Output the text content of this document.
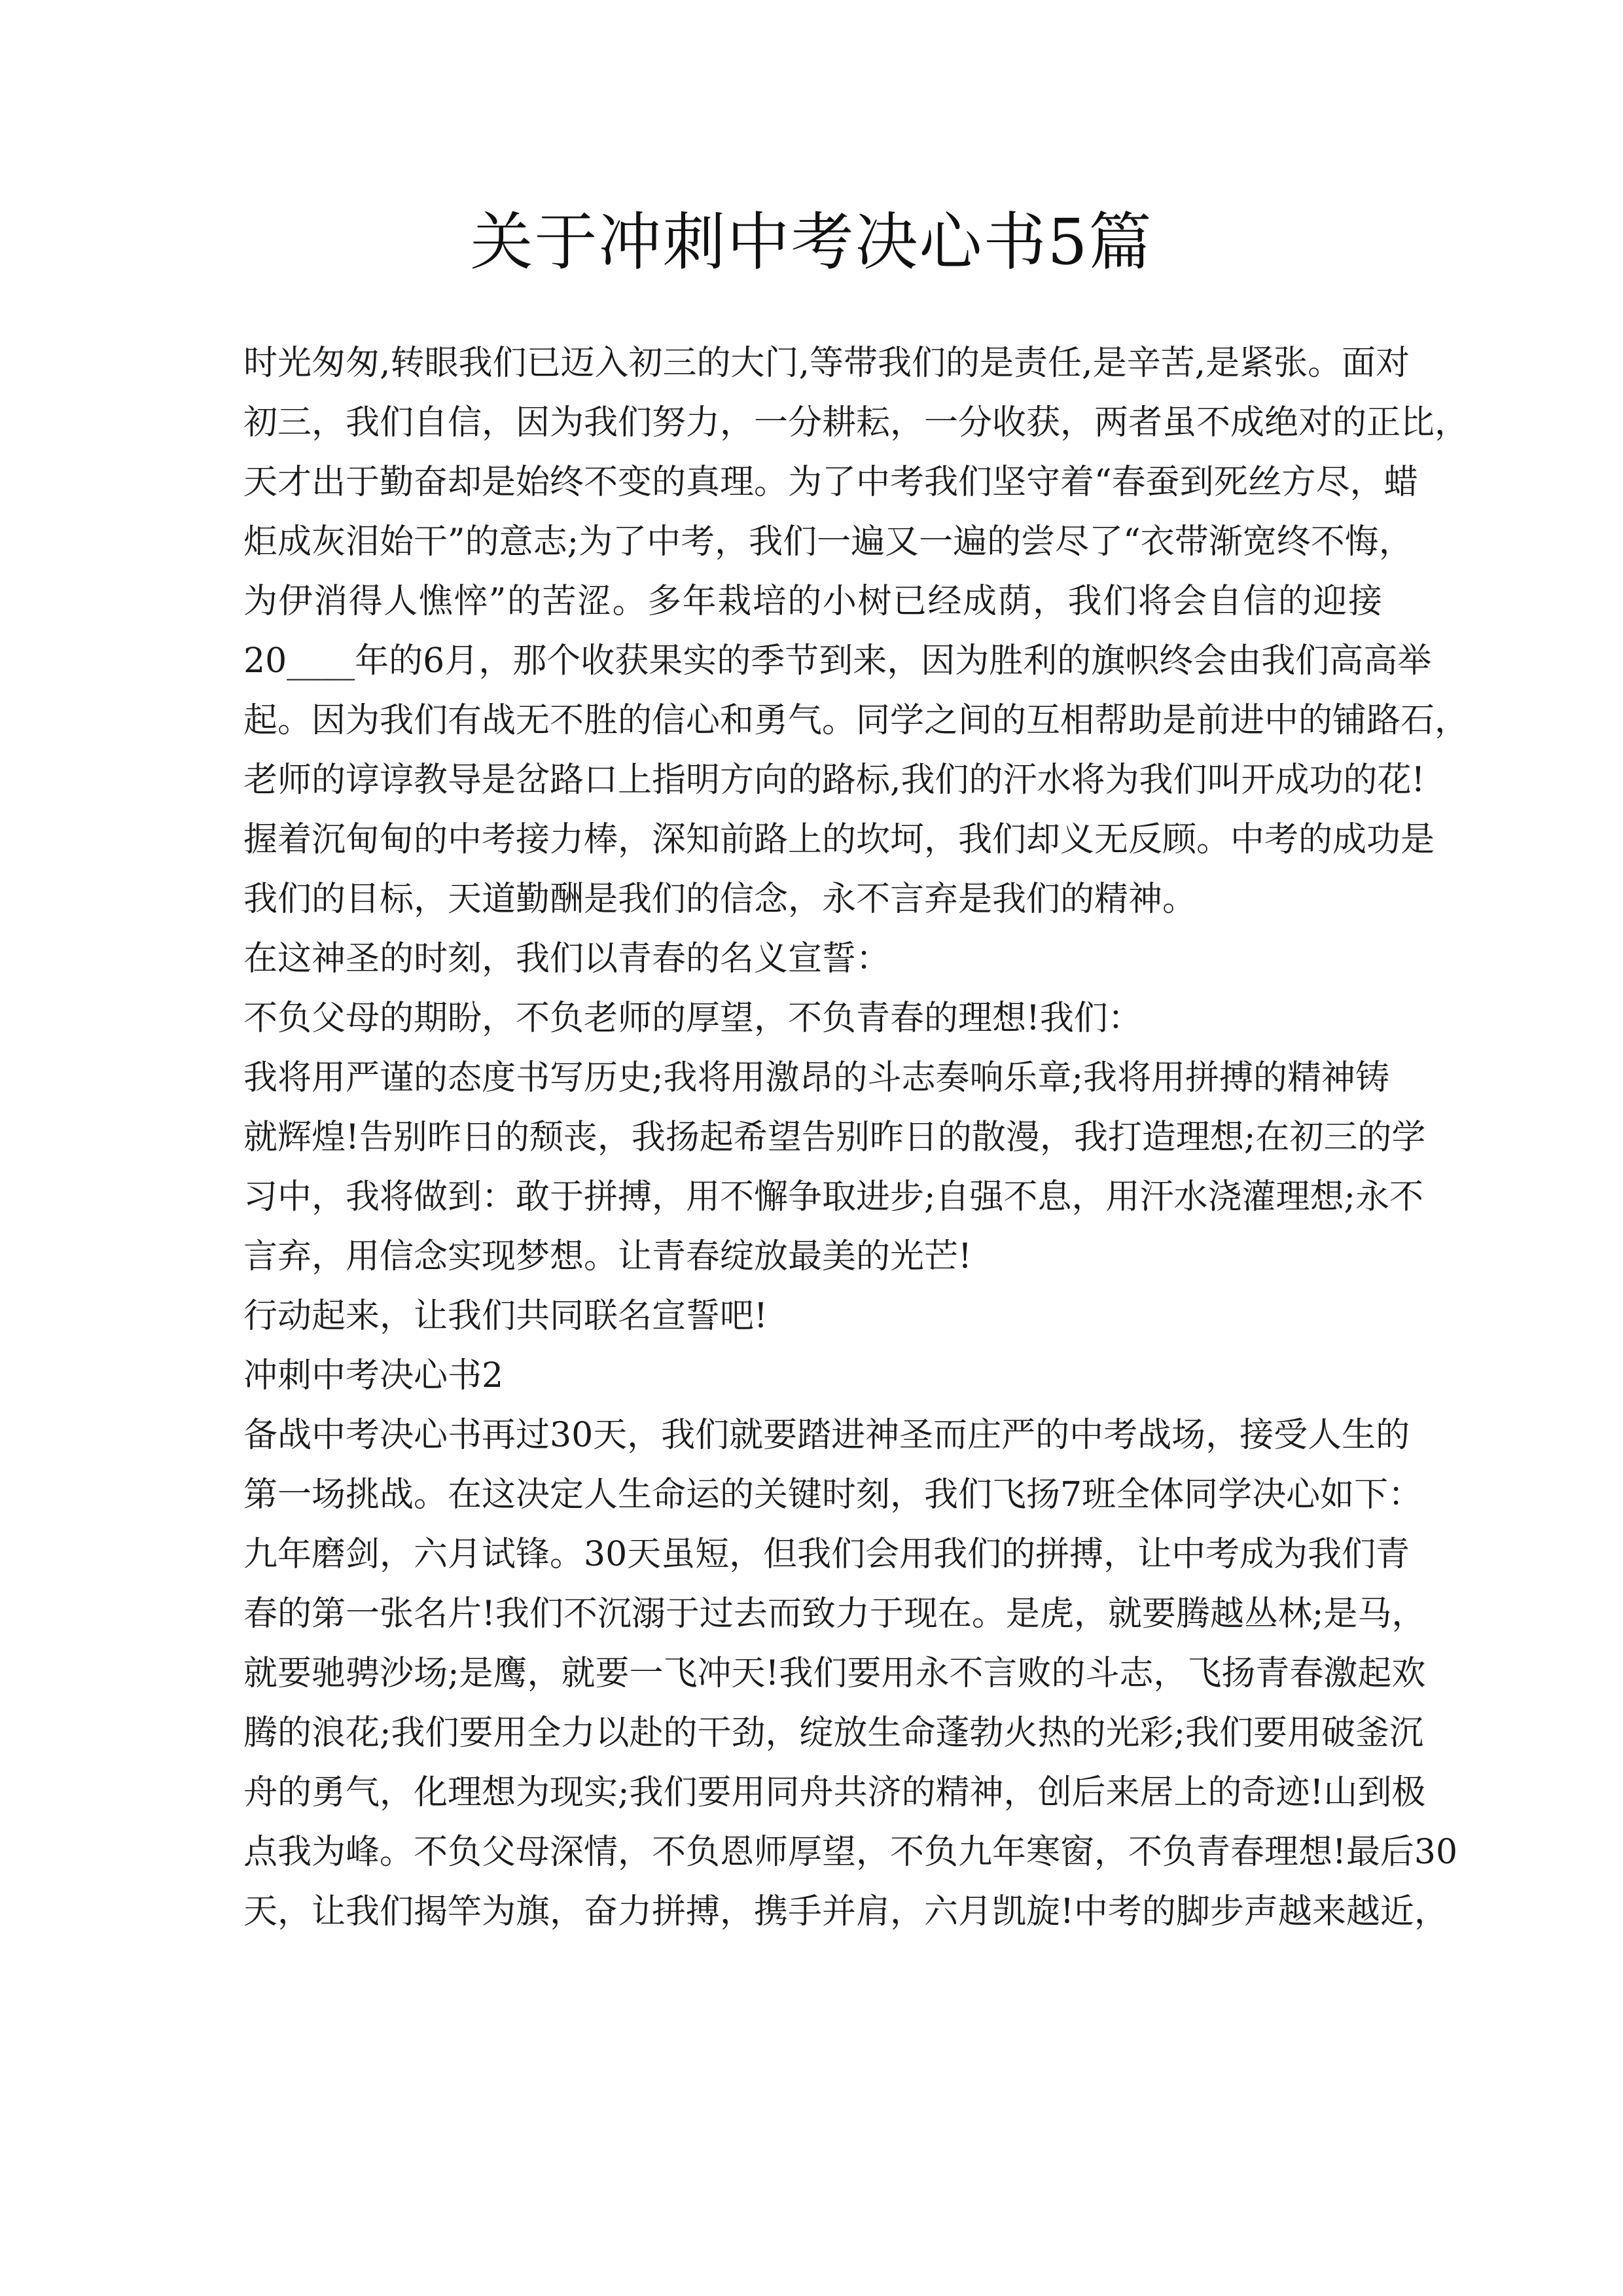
关于冲刺中考决心书5篇
时光匆匆,转眼我们已迈入初三的大门,等带我们的是责任,是辛苦,是紧张。面对
初三，我们自信，因为我们努力，一分耕耘，一分收获，两者虽不成绝对的正比，
天才出于勤奋却是始终不变的真理。为了中考我们坚守着“春蚕到死丝方尽，蜡
炬成灰泪始干”的意志;为了中考，我们一遍又一遍的尝尽了“衣带渐宽终不悔，
为伊消得人憔悴”的苦涩。多年栽培的小树已经成荫，我们将会自信的迎接
20____年的6月，那个收获果实的季节到来，因为胜利的旗帜终会由我们高高举
起。因为我们有战无不胜的信心和勇气。同学之间的互相帮助是前进中的铺路石，
老师的谆谆教导是岔路口上指明方向的路标,我们的汗水将为我们叫开成功的花!
握着沉甸甸的中考接力棒，深知前路上的坎坷，我们却义无反顾。中考的成功是
我们的目标，天道勤酬是我们的信念，永不言弃是我们的精神。
在这神圣的时刻，我们以青春的名义宣誓：
不负父母的期盼，不负老师的厚望，不负青春的理想!我们：
我将用严谨的态度书写历史;我将用激昂的斗志奏响乐章;我将用拼搏的精神铸
就辉煌!告别昨日的颓丧，我扬起希望告别昨日的散漫，我打造理想;在初三的学
习中，我将做到：敢于拼搏，用不懈争取进步;自强不息，用汗水浇灌理想;永不
言弃，用信念实现梦想。让青春绽放最美的光芒!
行动起来，让我们共同联名宣誓吧!
冲刺中考决心书2
备战中考决心书再过30天，我们就要踏进神圣而庄严的中考战场，接受人生的
第一场挑战。在这决定人生命运的关键时刻，我们飞扬7班全体同学决心如下：
九年磨剑，六月试锋。30天虽短，但我们会用我们的拼搏，让中考成为我们青
春的第一张名片!我们不沉溺于过去而致力于现在。是虎，就要腾越丛林;是马，
就要驰骋沙场;是鹰，就要一飞冲天!我们要用永不言败的斗志，飞扬青春激起欢
腾的浪花;我们要用全力以赴的干劲，绽放生命蓬勃火热的光彩;我们要用破釜沉
舟的勇气，化理想为现实;我们要用同舟共济的精神，创后来居上的奇迹!山到极
点我为峰。不负父母深情，不负恩师厚望，不负九年寒窗，不负青春理想!最后30
天，让我们揭竿为旗，奋力拼搏，携手并肩，六月凯旋!中考的脚步声越来越近，
